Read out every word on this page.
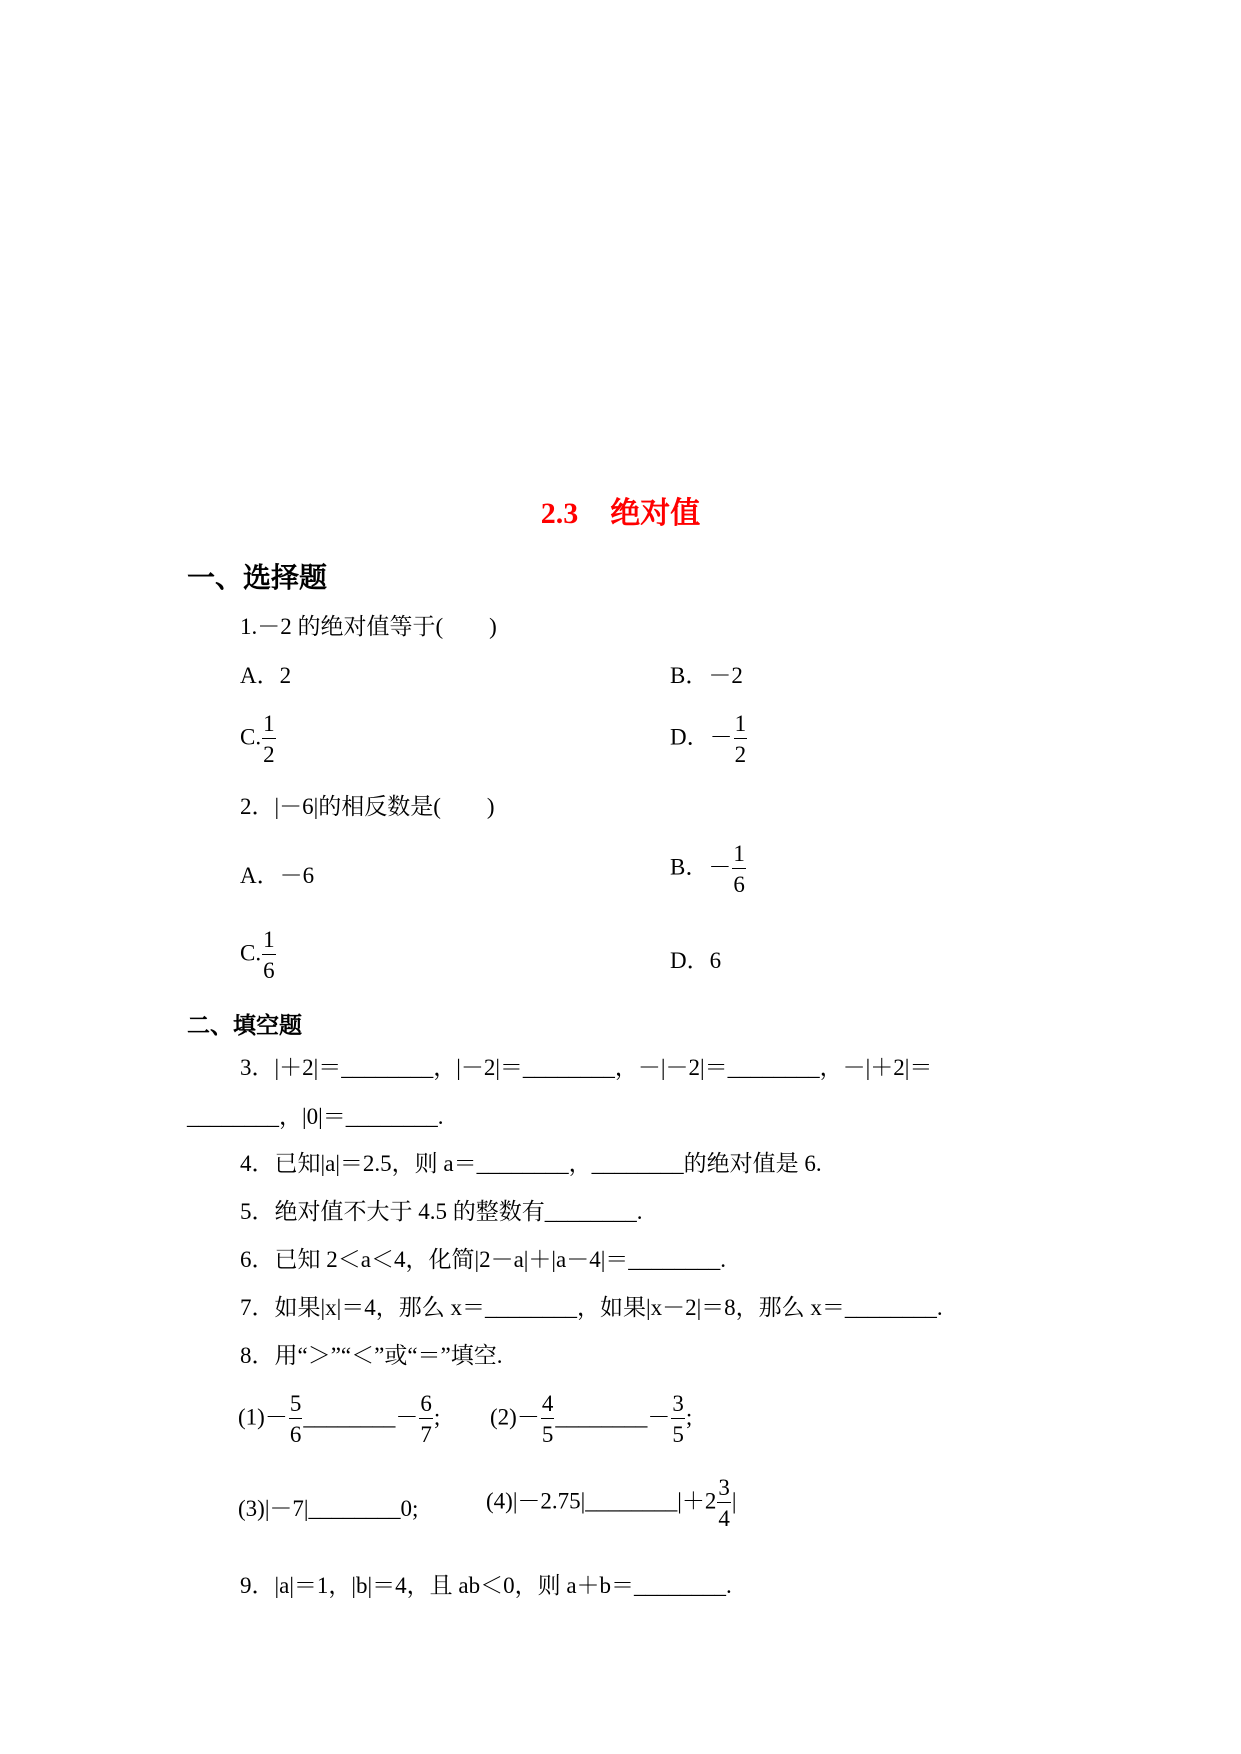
2.3 绝对值
一、选择题
1.－2 的绝对值等于(　　)
A．2	B．－2
C. $\frac{1}{2}$	D．－ $\frac{1}{2}$
2．|－6|的相反数是(　　)
A．－6	B．－ $\frac{1}{6}$
C. $\frac{1}{6}$	D．6
二、填空题
3．|＋2|＝________，|－2|＝________，－|－2|＝________，－|＋2|＝
________，|0|＝________.
4．已知|a|＝2.5，则 a＝________，________的绝对值是 6.
5．绝对值不大于 4.5 的整数有________.
6．已知 2＜a＜4，化简|2－a|＋|a－4|＝________.
7．如果|x|＝4，那么 x＝________，如果|x－2|＝8，那么 x＝________.
8．用“＞”“＜”或“＝”填空.
$(1)- \frac{5}{6}$ ________－ $\frac{6}{7}$ ; $(2)- \frac{4}{5}$ ________－ $\frac{3}{5}$ ;
(3)|－7|________0;	(4)|－2.75|________|＋2 $\frac{3}{4}$ |
9．|a|＝1，|b|＝4，且 ab＜0，则 a＋b＝________.
